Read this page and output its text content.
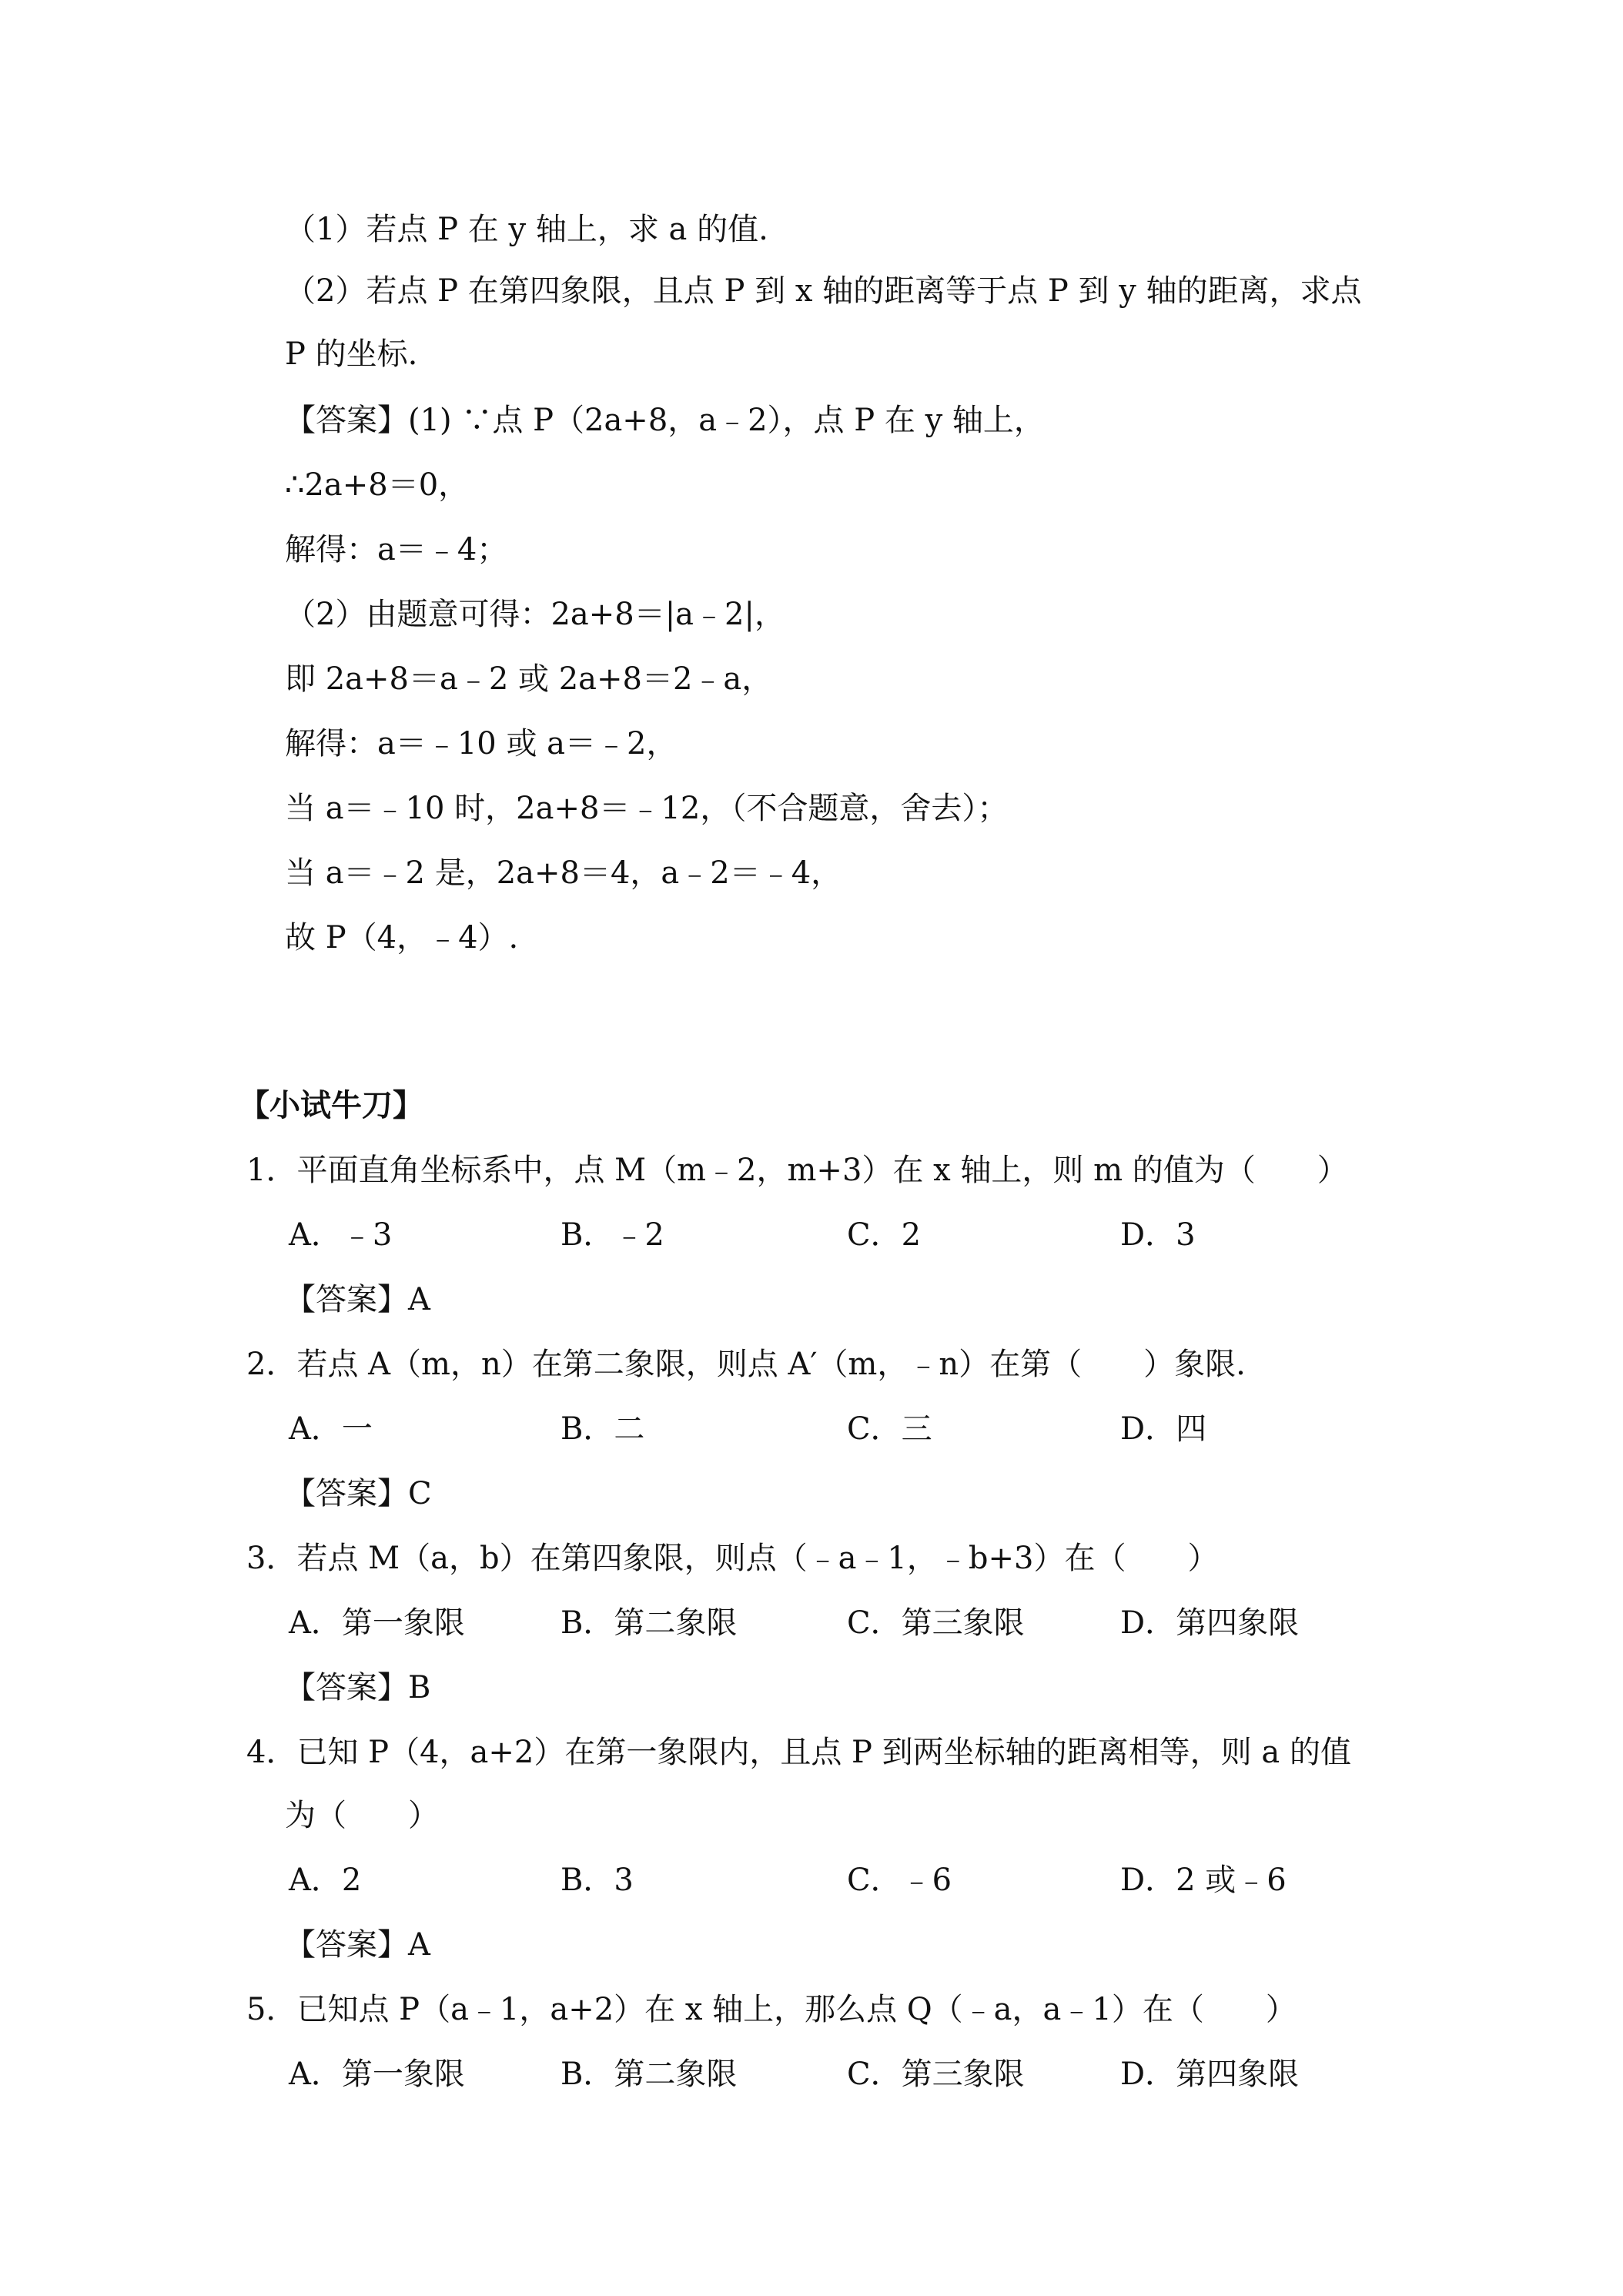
（1）若点 P 在 y 轴上，求 a 的值.
（2）若点 P 在第四象限，且点 P 到 x 轴的距离等于点 P 到 y 轴的距离，求点
P 的坐标.
【答案】(1) ∵点 P（2a+8，a﹣2），点 P 在 y 轴上，
∴2a+8＝0，
解得：a＝﹣4；
（2）由题意可得：2a+8＝|a﹣2|，
即 2a+8＝a﹣2 或 2a+8＝2﹣a，
解得：a＝﹣10 或 a＝﹣2，
当 a＝﹣10 时，2a+8＝﹣12，（不合题意，舍去）；
当 a＝﹣2 是，2a+8＝4，a﹣2＝﹣4，
故 P（4，﹣4）.
【小试牛刀】
1．平面直角坐标系中，点 M（m﹣2，m+3）在 x 轴上，则 m 的值为（　　）
A．﹣3	B．﹣2	C．2	D．3
【答案】A
2．若点 A（m，n）在第二象限，则点 A′（m，﹣n）在第（　　）象限.
A．一	B．二	C．三	D．四
【答案】C
3．若点 M（a，b）在第四象限，则点（﹣a﹣1，﹣b+3）在（　　）
A．第一象限	B．第二象限	C．第三象限	D．第四象限
【答案】B
4．已知 P（4，a+2）在第一象限内，且点 P 到两坐标轴的距离相等，则 a 的值
为（　　）
A．2	B．3	C．﹣6	D．2 或﹣6
【答案】A
5．已知点 P（a﹣1，a+2）在 x 轴上，那么点 Q（﹣a，a﹣1）在（　　）
A．第一象限	B．第二象限	C．第三象限	D．第四象限
